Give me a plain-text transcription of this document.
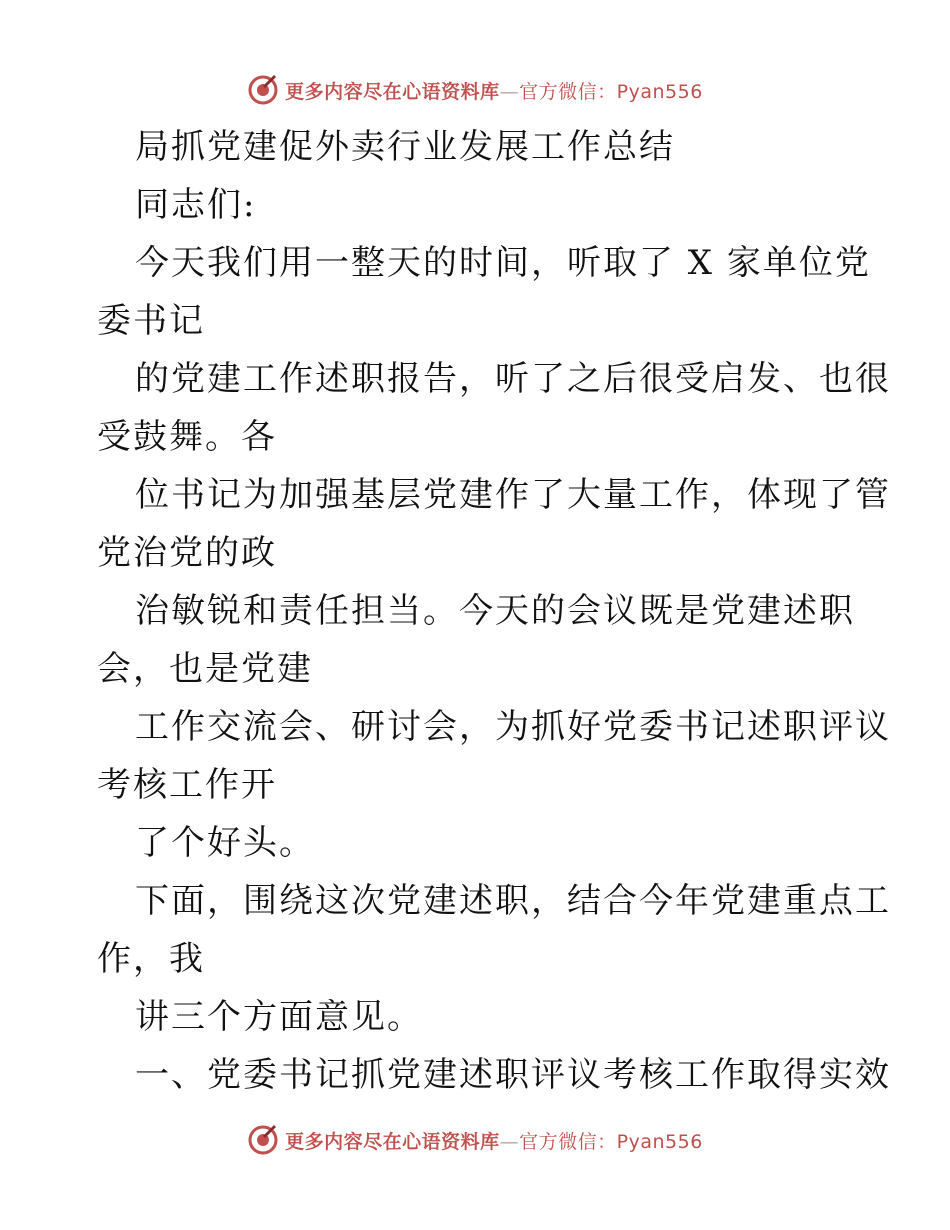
更多内容尽在心语资料库—官方微信：Pyan556
局抓党建促外卖行业发展工作总结
同志们:
今天我们用一整天的时间，听取了 X 家单位党
委书记
的党建工作述职报告，听了之后很受启发、也很
受鼓舞。各
位书记为加强基层党建作了大量工作，体现了管
党治党的政
治敏锐和责任担当。今天的会议既是党建述职
会，也是党建
工作交流会、研讨会，为抓好党委书记述职评议
考核工作开
了个好头。
下面，围绕这次党建述职，结合今年党建重点工
作，我
讲三个方面意见。
一、党委书记抓党建述职评议考核工作取得实效
更多内容尽在心语资料库—官方微信：Pyan556
